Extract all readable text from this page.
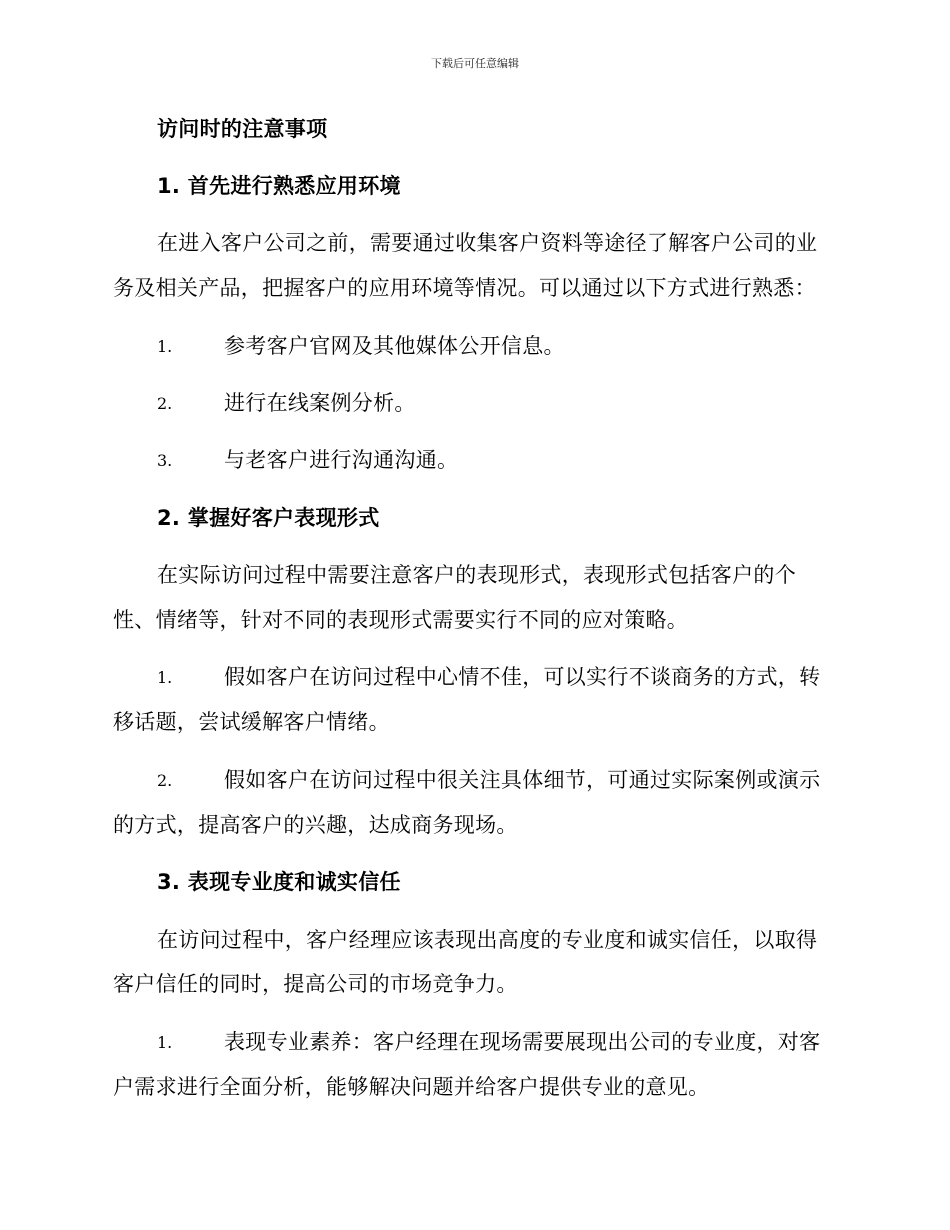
下载后可任意编辑
访问时的注意事项
1. 首先进行熟悉应用环境
在进入客户公司之前，需要通过收集客户资料等途径了解客户公司的业
务及相关产品，把握客户的应用环境等情况。可以通过以下方式进行熟悉：
1. 参考客户官网及其他媒体公开信息。
2. 进行在线案例分析。
3. 与老客户进行沟通沟通。
2. 掌握好客户表现形式
在实际访问过程中需要注意客户的表现形式，表现形式包括客户的个
性、情绪等，针对不同的表现形式需要实行不同的应对策略。
1. 假如客户在访问过程中心情不佳，可以实行不谈商务的方式，转
移话题，尝试缓解客户情绪。
2. 假如客户在访问过程中很关注具体细节，可通过实际案例或演示
的方式，提高客户的兴趣，达成商务现场。
3. 表现专业度和诚实信任
在访问过程中，客户经理应该表现出高度的专业度和诚实信任，以取得
客户信任的同时，提高公司的市场竞争力。
1. 表现专业素养：客户经理在现场需要展现出公司的专业度，对客
户需求进行全面分析，能够解决问题并给客户提供专业的意见。
